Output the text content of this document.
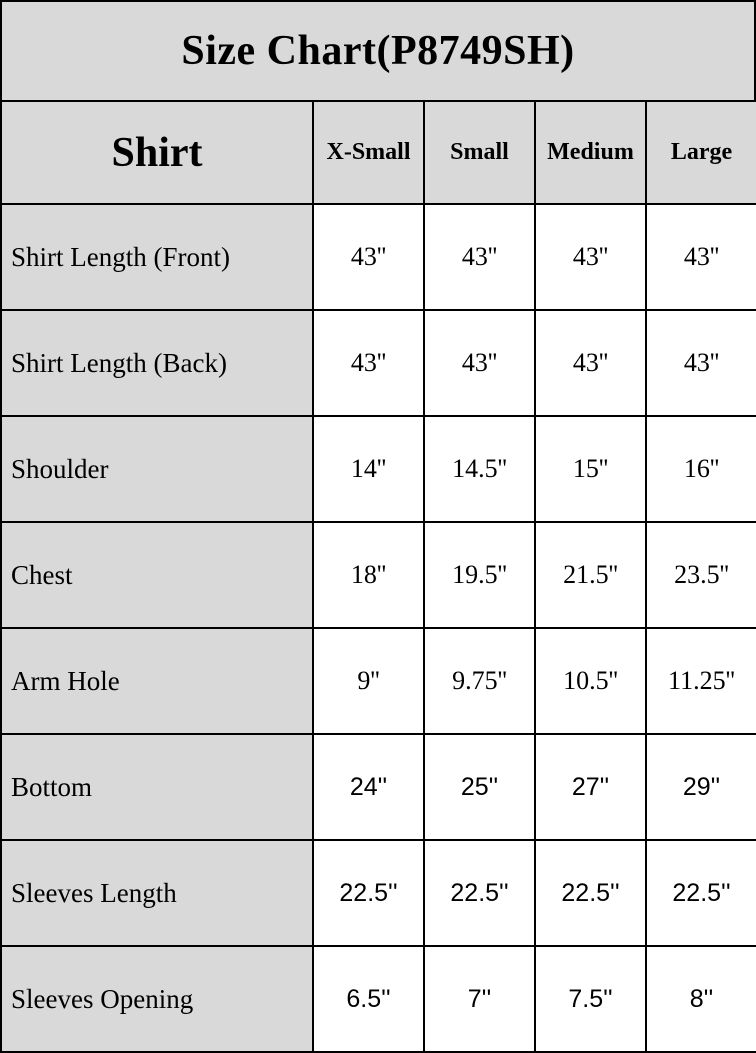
Size Chart(P8749SH)
Shirt	X-Small	Small	Medium	Large
Shirt Length (Front)	43''	43''	43''	43''
Shirt Length (Back)	43''	43''	43''	43''
Shoulder	14''	14.5''	15''	16''
Chest	18''	19.5''	21.5''	23.5''
Arm Hole	9''	9.75''	10.5''	11.25''
Bottom	24''	25''	27''	29''
Sleeves Length	22.5''	22.5''	22.5''	22.5''
Sleeves Opening	6.5''	7''	7.5''	8''
